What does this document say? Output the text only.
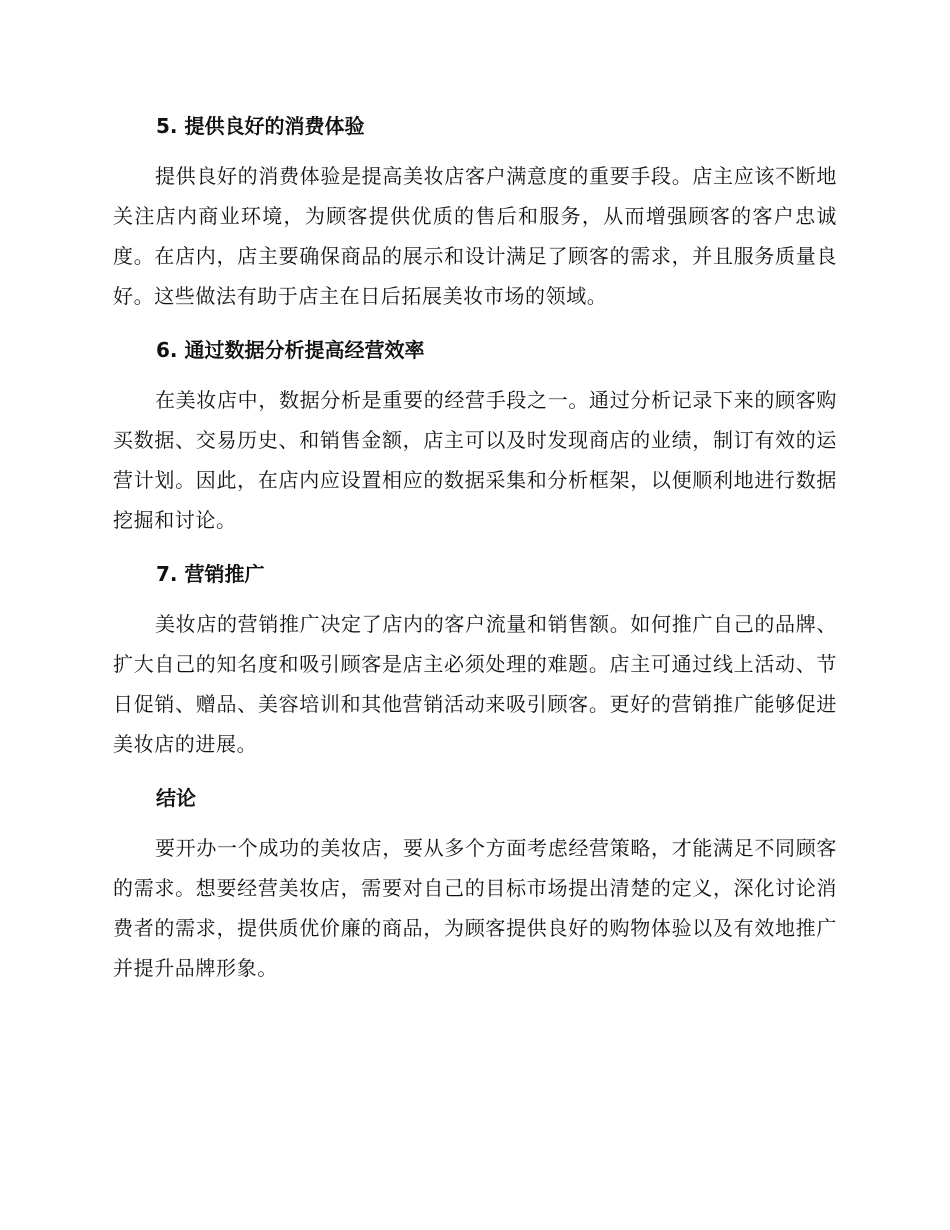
5. 提供良好的消费体验

提供良好的消费体验是提高美妆店客户满意度的重要手段。店主应该不断地关注店内商业环境，为顾客提供优质的售后和服务，从而增强顾客的客户忠诚度。在店内，店主要确保商品的展示和设计满足了顾客的需求，并且服务质量良好。这些做法有助于店主在日后拓展美妆市场的领域。

6. 通过数据分析提高经营效率

在美妆店中，数据分析是重要的经营手段之一。通过分析记录下来的顾客购买数据、交易历史、和销售金额，店主可以及时发现商店的业绩，制订有效的运营计划。因此，在店内应设置相应的数据采集和分析框架，以便顺利地进行数据挖掘和讨论。

7. 营销推广

美妆店的营销推广决定了店内的客户流量和销售额。如何推广自己的品牌、扩大自己的知名度和吸引顾客是店主必须处理的难题。店主可通过线上活动、节日促销、赠品、美容培训和其他营销活动来吸引顾客。更好的营销推广能够促进美妆店的进展。

结论

要开办一个成功的美妆店，要从多个方面考虑经营策略，才能满足不同顾客的需求。想要经营美妆店，需要对自己的目标市场提出清楚的定义，深化讨论消费者的需求，提供质优价廉的商品，为顾客提供良好的购物体验以及有效地推广并提升品牌形象。
